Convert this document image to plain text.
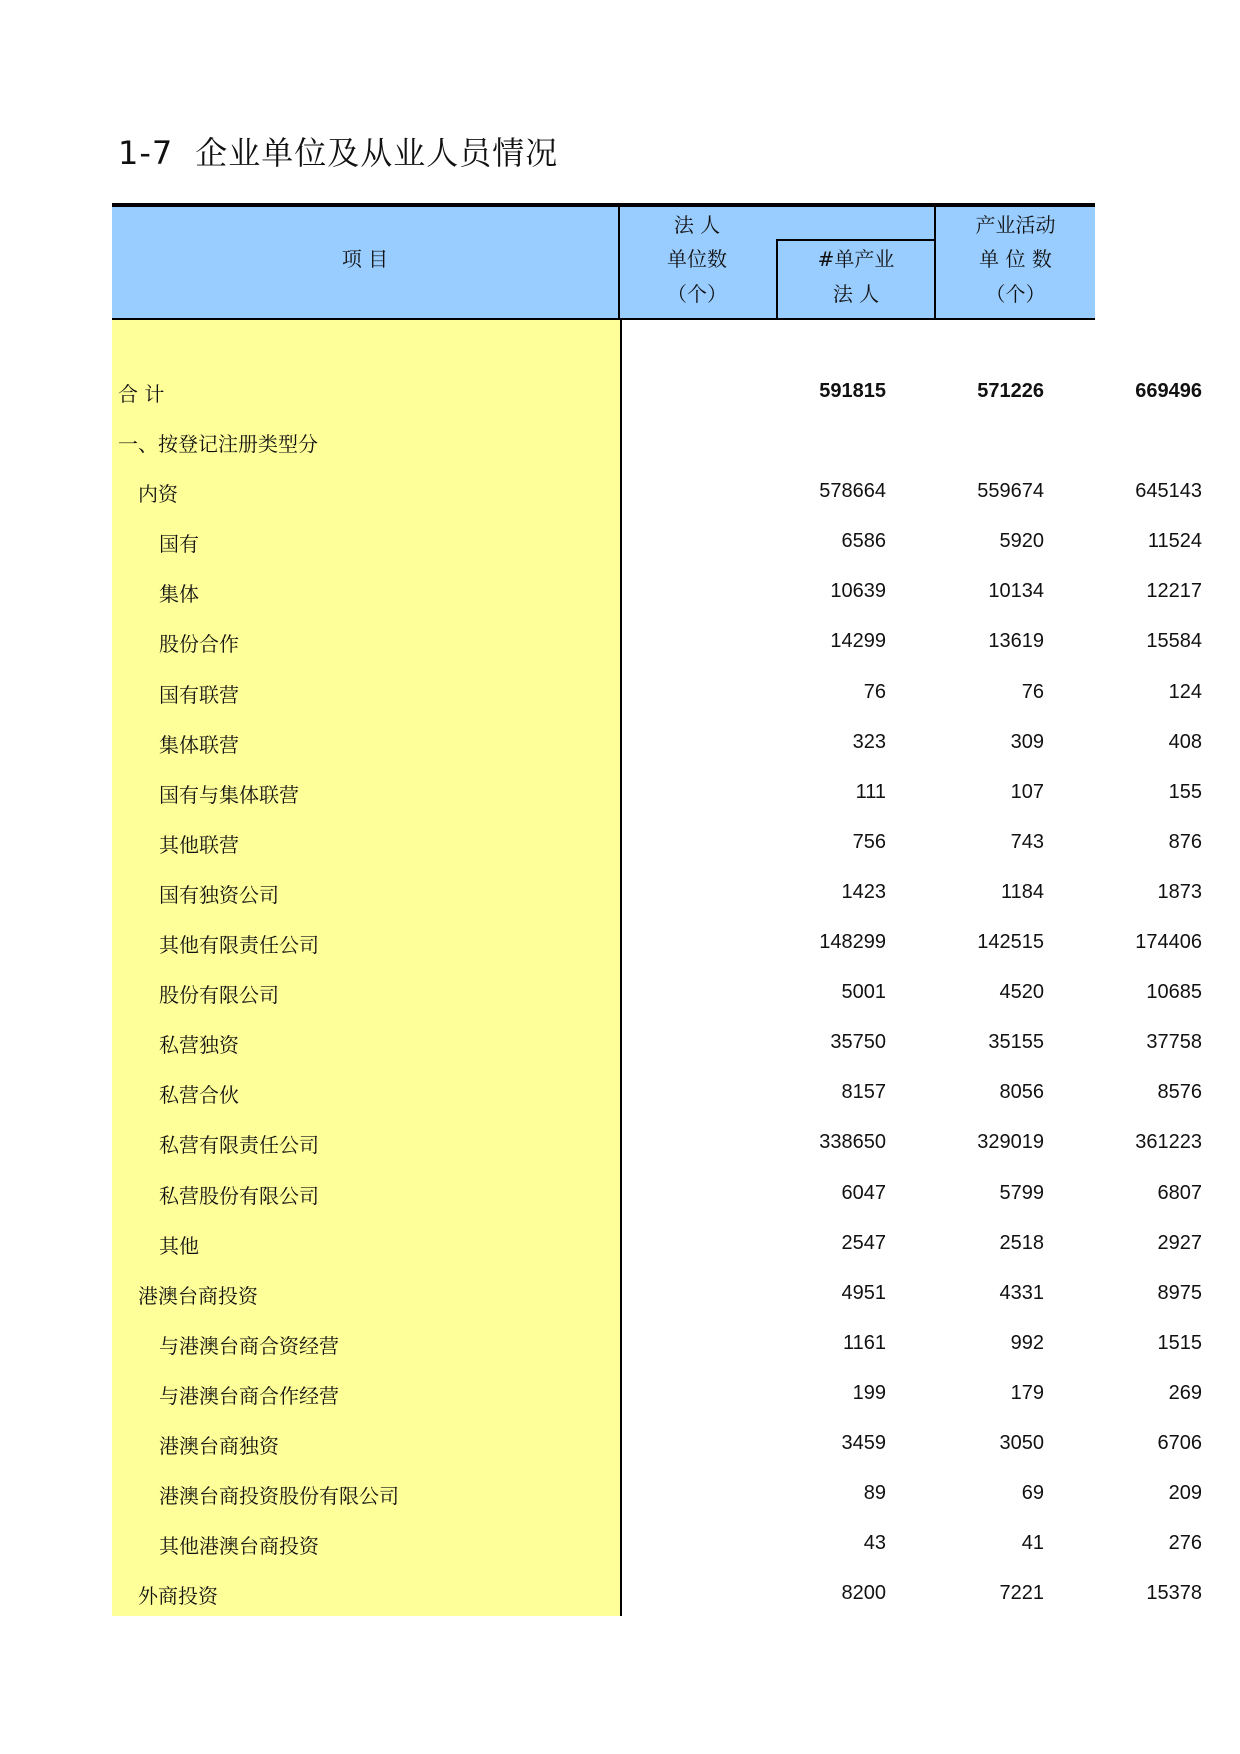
1-7 企业单位及从业人员情况
项 目
法 人
单位数
（个）
#单产业
法 人
产业活动
单 位 数
（个）
合 计	591815	571226	669496
一、按登记注册类型分
内资	578664	559674	645143
国有	6586	5920	11524
集体	10639	10134	12217
股份合作	14299	13619	15584
国有联营	76	76	124
集体联营	323	309	408
国有与集体联营	111	107	155
其他联营	756	743	876
国有独资公司	1423	1184	1873
其他有限责任公司	148299	142515	174406
股份有限公司	5001	4520	10685
私营独资	35750	35155	37758
私营合伙	8157	8056	8576
私营有限责任公司	338650	329019	361223
私营股份有限公司	6047	5799	6807
其他	2547	2518	2927
港澳台商投资	4951	4331	8975
与港澳台商合资经营	1161	992	1515
与港澳台商合作经营	199	179	269
港澳台商独资	3459	3050	6706
港澳台商投资股份有限公司	89	69	209
其他港澳台商投资	43	41	276
外商投资	8200	7221	15378
